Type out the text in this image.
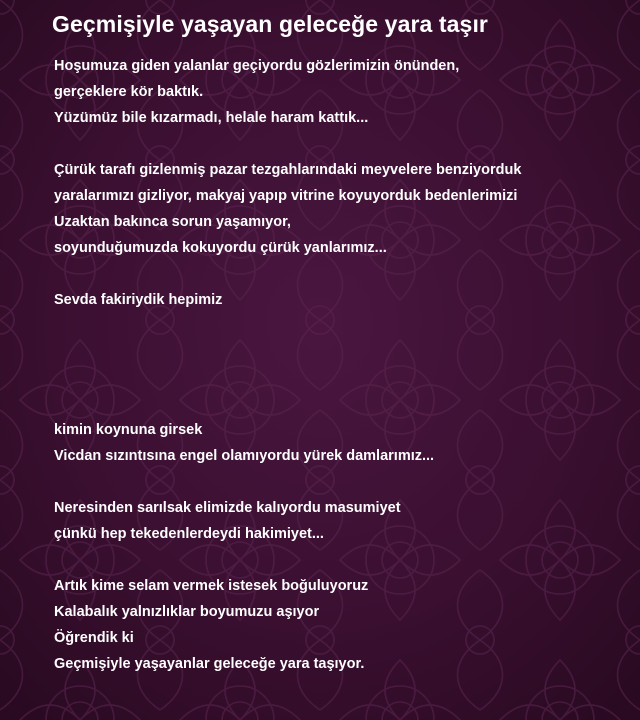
Geçmişiyle yaşayan geleceğe yara taşır
Hoşumuza giden yalanlar geçiyordu gözlerimizin önünden,
gerçeklere kör baktık.
Yüzümüz bile kızarmadı, helale haram kattık...
Çürük tarafı gizlenmiş pazar tezgahlarındaki meyvelere benziyorduk
yaralarımızı gizliyor, makyaj yapıp vitrine koyuyorduk bedenlerimizi
Uzaktan bakınca sorun yaşamıyor,
soyunduğumuzda kokuyordu çürük yanlarımız...
Sevda fakiriydik hepimiz
kimin koynuna girsek
Vicdan sızıntısına engel olamıyordu yürek damlarımız...
Neresinden sarılsak elimizde kalıyordu masumiyet
çünkü hep tekedenlerdeydi hakimiyet...
Artık kime selam vermek istesek boğuluyoruz
Kalabalık yalnızlıklar boyumuzu aşıyor
Öğrendik ki
Geçmişiyle yaşayanlar geleceğe yara taşıyor.
